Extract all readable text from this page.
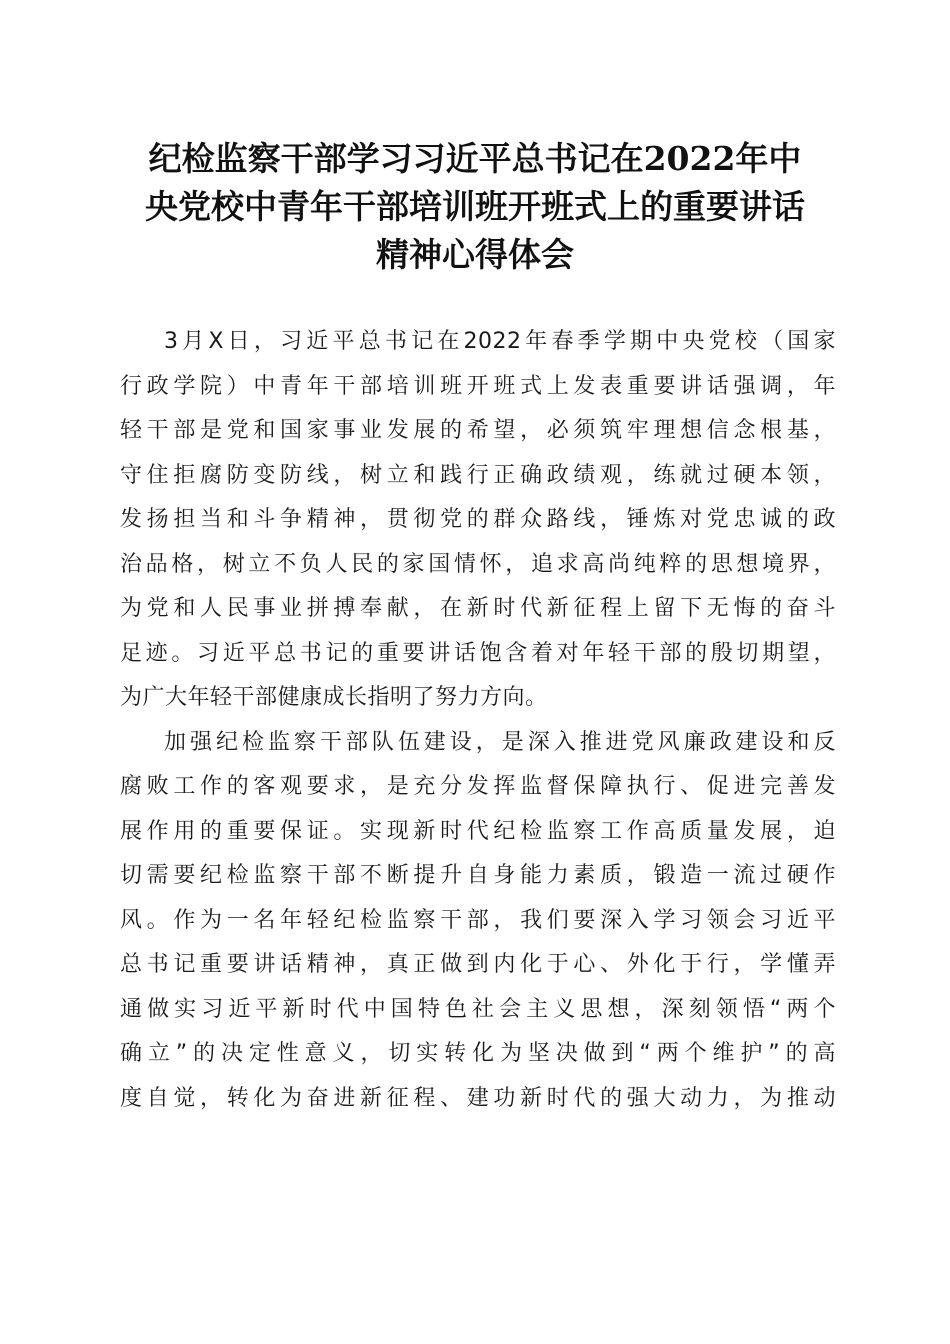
纪检监察干部学习习近平总书记在2022年中
央党校中青年干部培训班开班式上的重要讲话
精神心得体会
3月X日，习近平总书记在2022年春季学期中央党校（国家
行政学院）中青年干部培训班开班式上发表重要讲话强调，年
轻干部是党和国家事业发展的希望，必须筑牢理想信念根基，
守住拒腐防变防线，树立和践行正确政绩观，练就过硬本领，
发扬担当和斗争精神，贯彻党的群众路线，锤炼对党忠诚的政
治品格，树立不负人民的家国情怀，追求高尚纯粹的思想境界，
为党和人民事业拼搏奉献，在新时代新征程上留下无悔的奋斗
足迹。习近平总书记的重要讲话饱含着对年轻干部的殷切期望，
为广大年轻干部健康成长指明了努力方向。
加强纪检监察干部队伍建设，是深入推进党风廉政建设和反
腐败工作的客观要求，是充分发挥监督保障执行、促进完善发
展作用的重要保证。实现新时代纪检监察工作高质量发展，迫
切需要纪检监察干部不断提升自身能力素质，锻造一流过硬作
风。作为一名年轻纪检监察干部，我们要深入学习领会习近平
总书记重要讲话精神，真正做到内化于心、外化于行，学懂弄
通做实习近平新时代中国特色社会主义思想，深刻领悟“两个
确立”的决定性意义，切实转化为坚决做到“两个维护”的高
度自觉，转化为奋进新征程、建功新时代的强大动力，为推动
